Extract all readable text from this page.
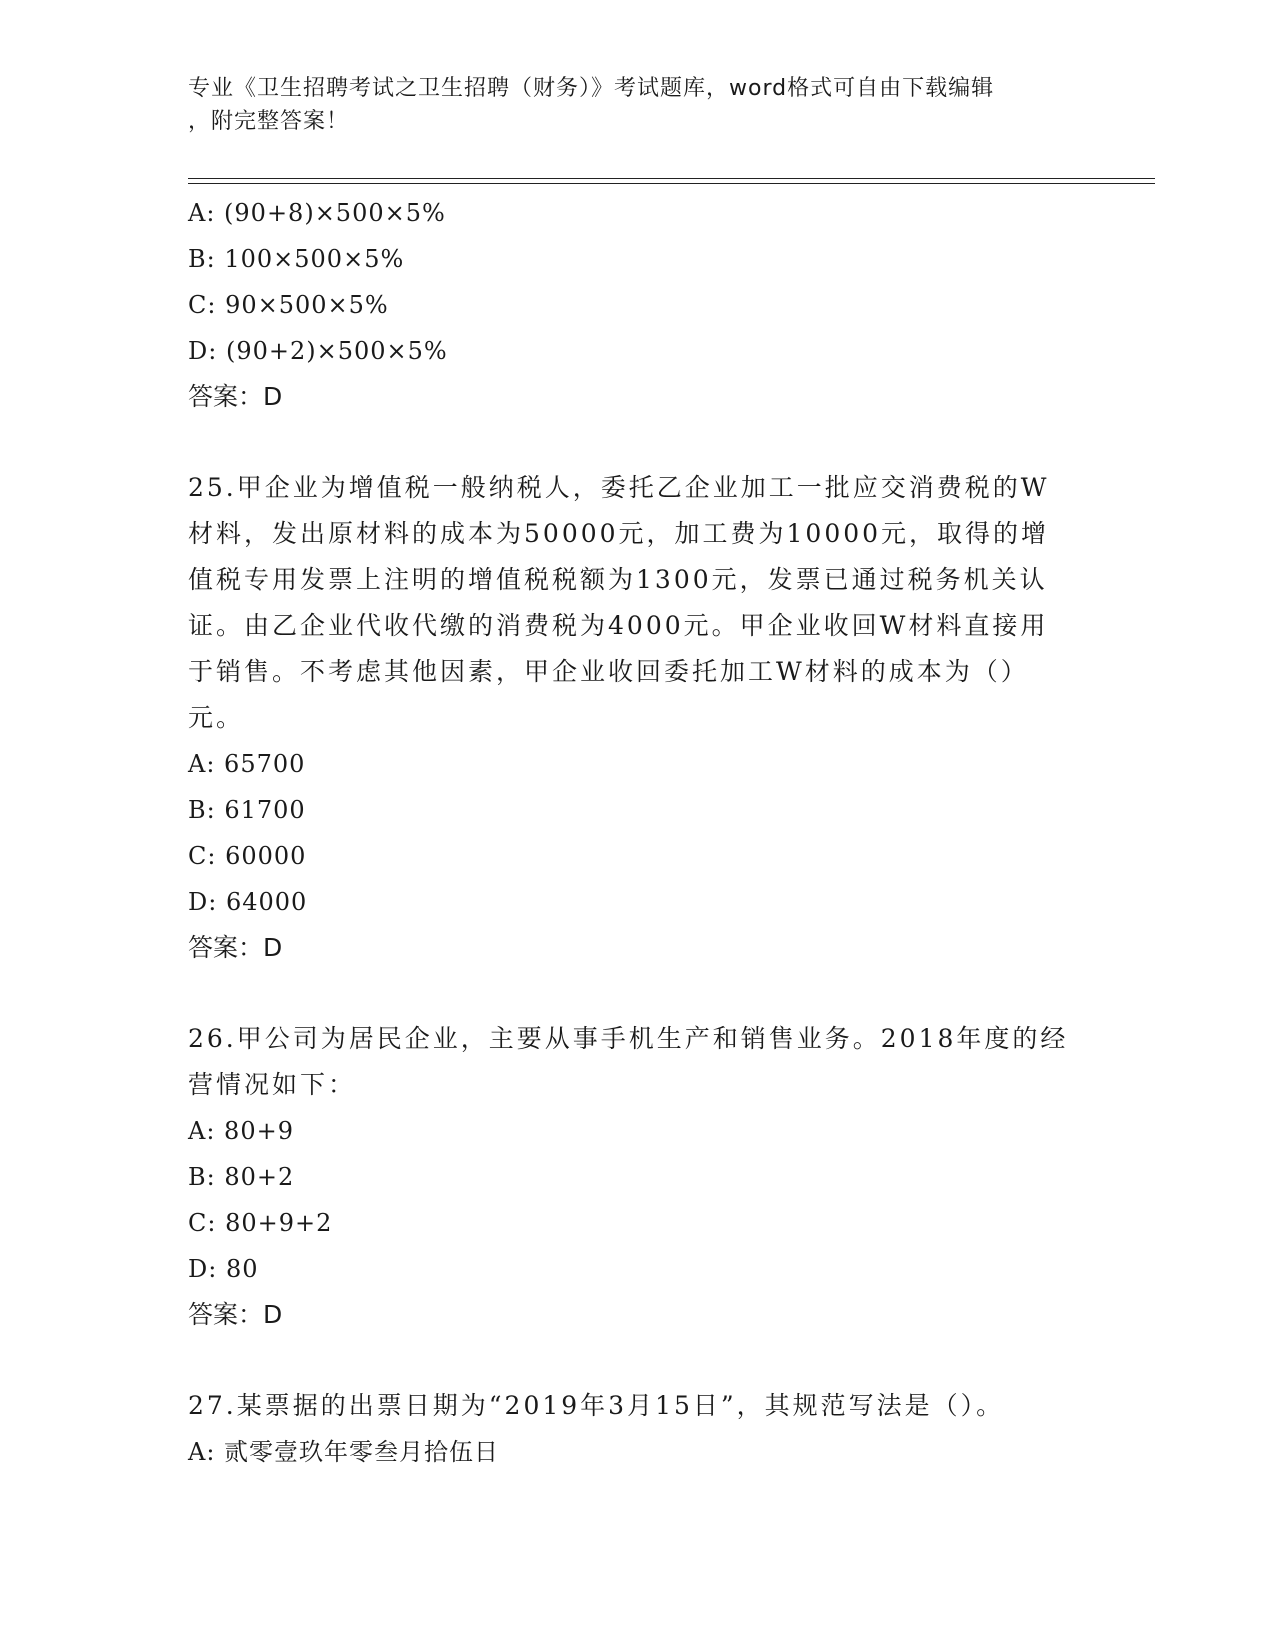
专业《卫生招聘考试之卫生招聘（财务）》考试题库，word格式可自由下载编辑
，附完整答案！
A: (90+8)×500×5%
B: 100×500×5%
C: 90×500×5%
D: (90+2)×500×5%
答案：D
25.甲企业为增值税一般纳税人，委托乙企业加工一批应交消费税的W
材料，发出原材料的成本为50000元，加工费为10000元，取得的增
值税专用发票上注明的增值税税额为1300元，发票已通过税务机关认
证。由乙企业代收代缴的消费税为4000元。甲企业收回W材料直接用
于销售。不考虑其他因素，甲企业收回委托加工W材料的成本为（）
元。
A: 65700
B: 61700
C: 60000
D: 64000
答案：D
26.甲公司为居民企业，主要从事手机生产和销售业务。2018年度的经
营情况如下：
A: 80+9
B: 80+2
C: 80+9+2
D: 80
答案：D
27.某票据的出票日期为“2019年3月15日”，其规范写法是（）。
A: 贰零壹玖年零叁月拾伍日
